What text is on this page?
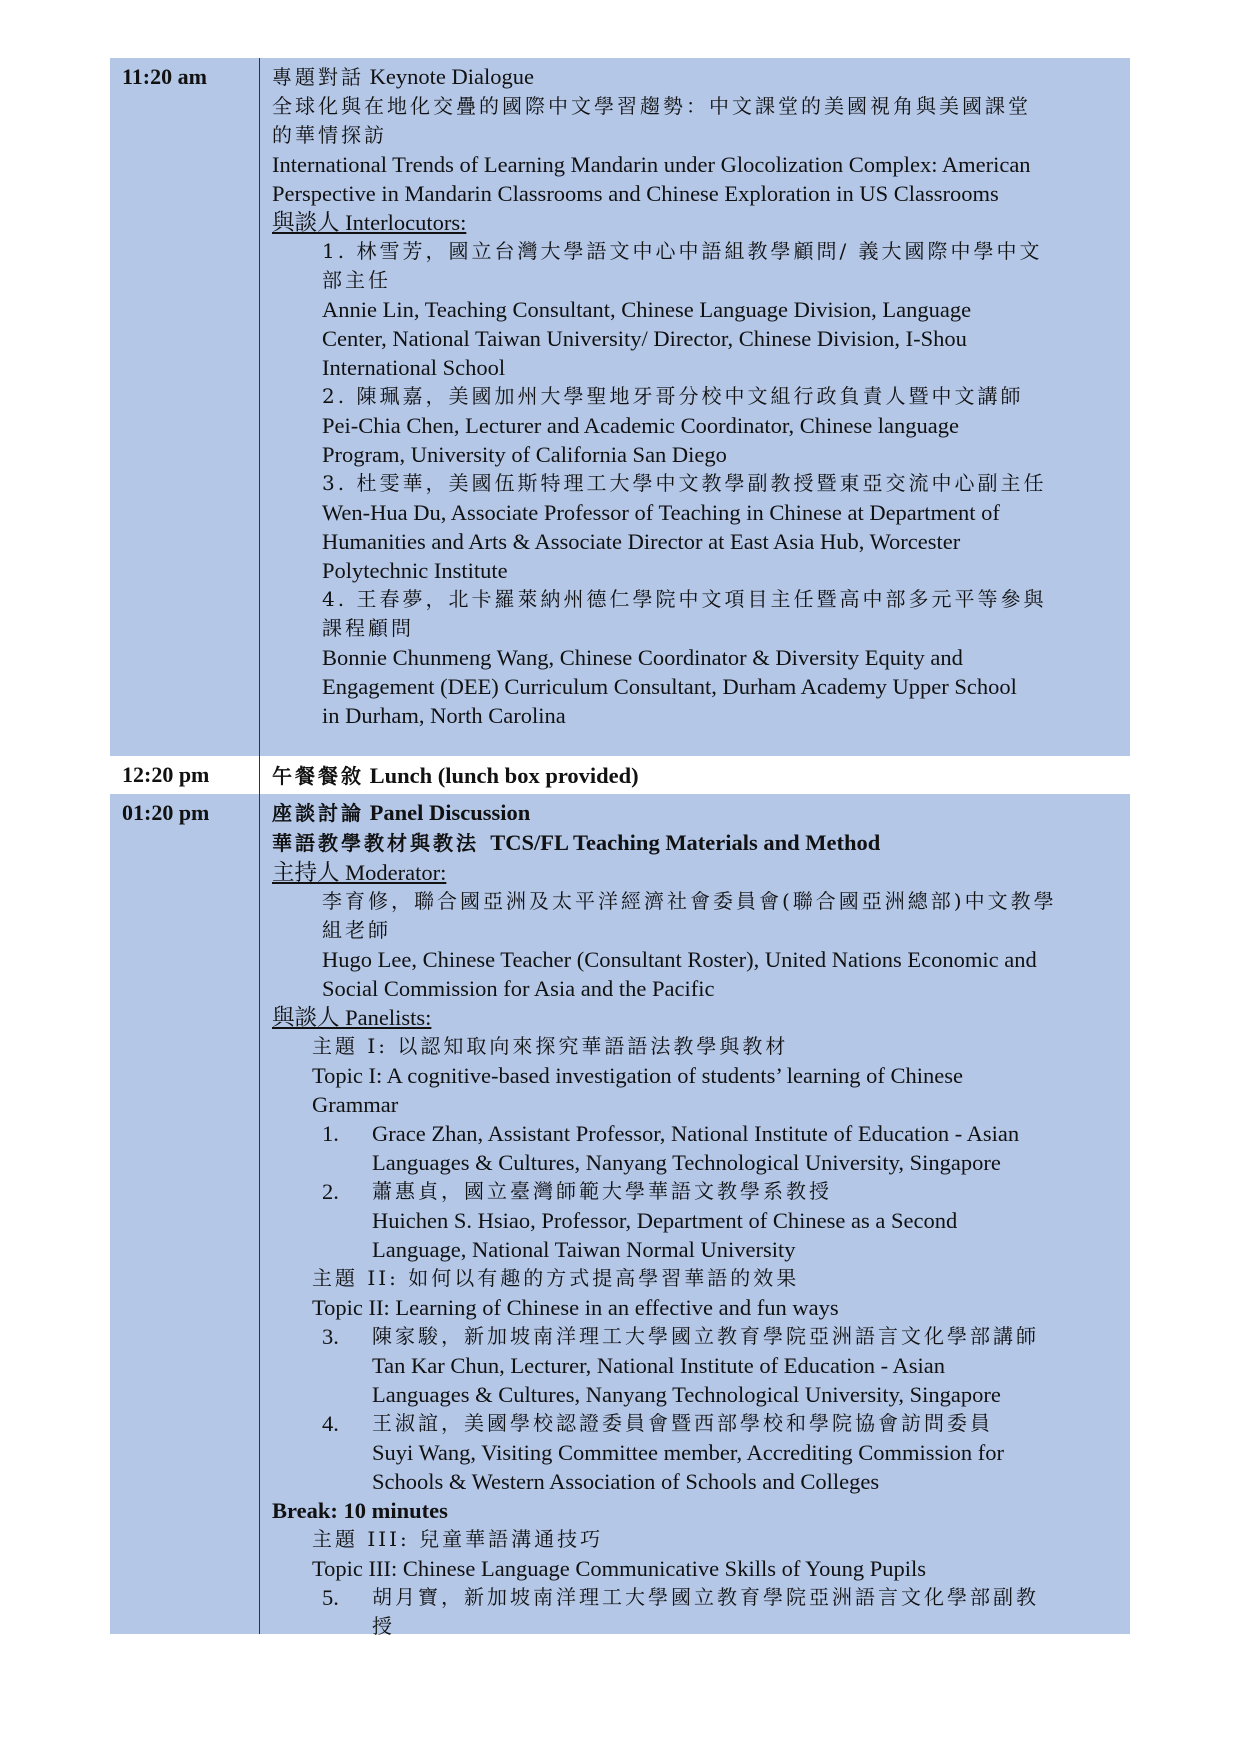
11:20 am	專題對話 Keynote Dialogue
全球化與在地化交疊的國際中文學習趨勢：中文課堂的美國視角與美國課堂
的華情探訪
International Trends of Learning Mandarin under Glocolization Complex: American
Perspective in Mandarin Classrooms and Chinese Exploration in US Classrooms
與談人 Interlocutors:
1. 林雪芳，國立台灣大學語文中心中語組教學顧問/ 義大國際中學中文
部主任
Annie Lin, Teaching Consultant, Chinese Language Division, Language
Center, National Taiwan University/ Director, Chinese Division, I-Shou
International School
2. 陳珮嘉，美國加州大學聖地牙哥分校中文組行政負責人暨中文講師
Pei-Chia Chen, Lecturer and Academic Coordinator, Chinese language
Program, University of California San Diego
3. 杜雯華，美國伍斯特理工大學中文教學副教授暨東亞交流中心副主任
Wen-Hua Du, Associate Professor of Teaching in Chinese at Department of
Humanities and Arts & Associate Director at East Asia Hub, Worcester
Polytechnic Institute
4. 王春夢，北卡羅萊納州德仁學院中文項目主任暨高中部多元平等參與
課程顧問
Bonnie Chunmeng Wang, Chinese Coordinator & Diversity Equity and
Engagement (DEE) Curriculum Consultant, Durham Academy Upper School
in Durham, North Carolina
12:20 pm	午餐餐敘 Lunch (lunch box provided)
01:20 pm	座談討論 Panel Discussion
華語教學教材與教法 TCS/FL Teaching Materials and Method
主持人 Moderator:
李育修，聯合國亞洲及太平洋經濟社會委員會(聯合國亞洲總部)中文教學
組老師
Hugo Lee, Chinese Teacher (Consultant Roster), United Nations Economic and
Social Commission for Asia and the Pacific
與談人 Panelists:
主題 I: 以認知取向來探究華語語法教學與教材
Topic I: A cognitive-based investigation of students’ learning of Chinese
Grammar
1.	Grace Zhan, Assistant Professor, National Institute of Education - Asian
Languages & Cultures, Nanyang Technological University, Singapore
2.	蕭惠貞，國立臺灣師範大學華語文教學系教授
Huichen S. Hsiao, Professor, Department of Chinese as a Second
Language, National Taiwan Normal University
主題 II: 如何以有趣的方式提高學習華語的效果
Topic II: Learning of Chinese in an effective and fun ways
3.	陳家駿，新加坡南洋理工大學國立教育學院亞洲語言文化學部講師
Tan Kar Chun, Lecturer, National Institute of Education - Asian
Languages & Cultures, Nanyang Technological University, Singapore
4.	王淑誼，美國學校認證委員會暨西部學校和學院協會訪問委員
Suyi Wang, Visiting Committee member, Accrediting Commission for
Schools & Western Association of Schools and Colleges
Break: 10 minutes
主題 III: 兒童華語溝通技巧
Topic III: Chinese Language Communicative Skills of Young Pupils
5.	胡月寶，新加坡南洋理工大學國立教育學院亞洲語言文化學部副教
授
